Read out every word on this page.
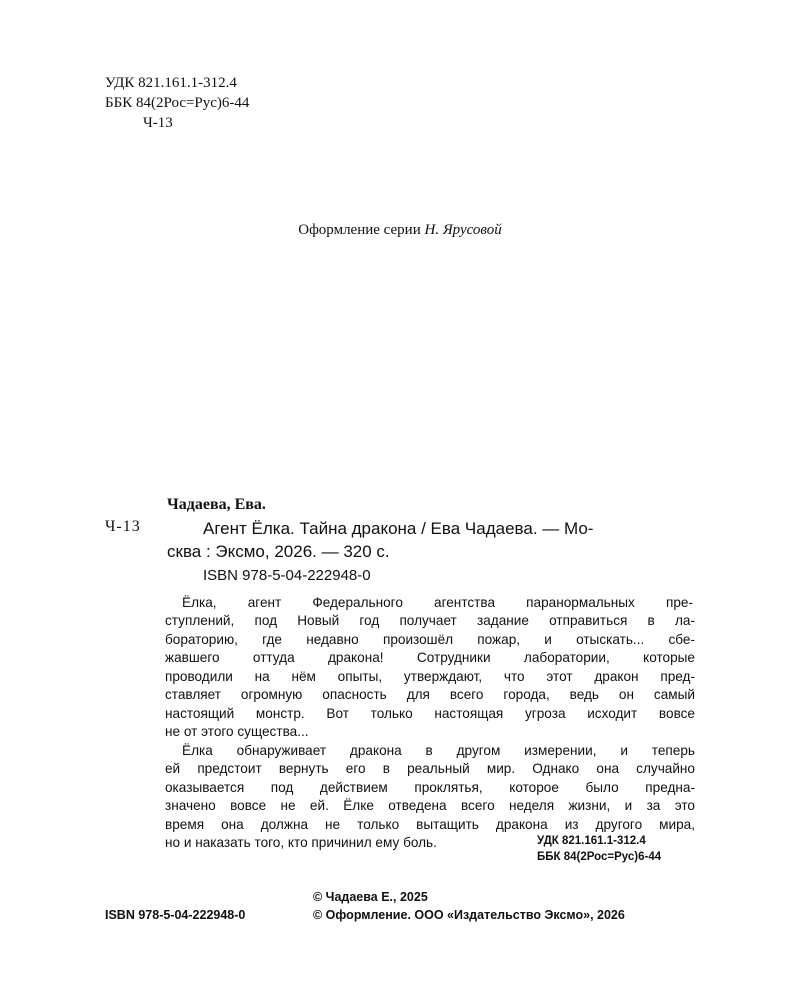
УДК 821.161.1-312.4
ББК 84(2Рос=Рус)6-44
Ч-13
Оформление серии Н. Ярусовой
Чадаева, Ева.
Ч-13	Агент Ёлка. Тайна дракона / Ева Чадаева. — Мо-
сква : Эксмо, 2026. — 320 с.
ISBN 978-5-04-222948-0
Ёлка, агент Федерального агентства паранормальных пре-
ступлений, под Новый год получает задание отправиться в ла-
бораторию, где недавно произошёл пожар, и отыскать... сбе-
жавшего оттуда дракона! Сотрудники лаборатории, которые
проводили на нём опыты, утверждают, что этот дракон пред-
ставляет огромную опасность для всего города, ведь он самый
настоящий монстр. Вот только настоящая угроза исходит вовсе
не от этого существа...
Ёлка обнаруживает дракона в другом измерении, и теперь
ей предстоит вернуть его в реальный мир. Однако она случайно
оказывается под действием проклятья, которое было предна-
значено вовсе не ей. Ёлке отведена всего неделя жизни, и за это
время она должна не только вытащить дракона из другого мира,
но и наказать того, кто причинил ему боль.	УДК 821.161.1-312.4
ББК 84(2Рос=Рус)6-44
© Чадаева Е., 2025
ISBN 978-5-04-222948-0	© Оформление. ООО «Издательство Эксмо», 2026
